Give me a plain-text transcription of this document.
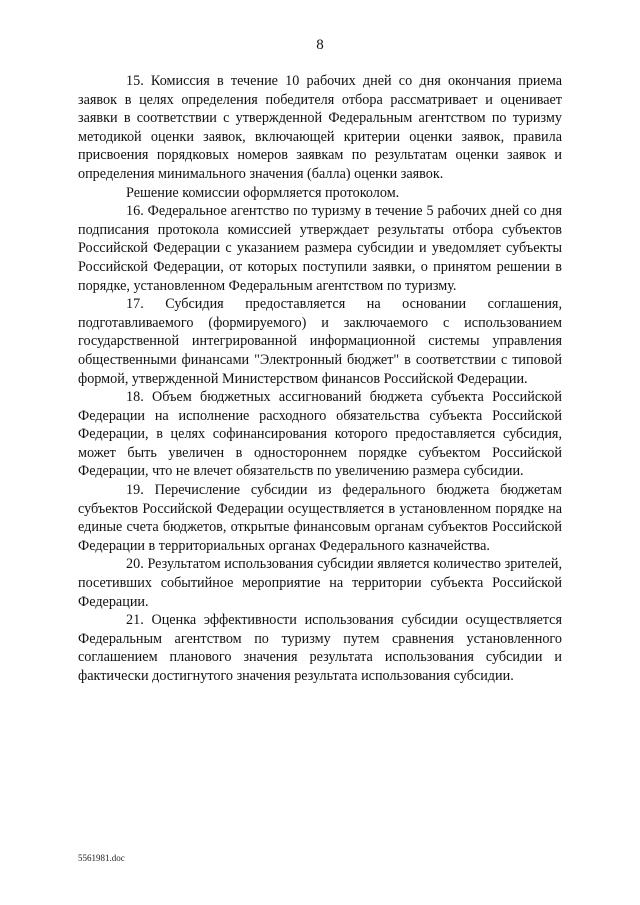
8

15. Комиссия в течение 10 рабочих дней со дня окончания приема заявок в целях определения победителя отбора рассматривает и оценивает заявки в соответствии с утвержденной Федеральным агентством по туризму методикой оценки заявок, включающей критерии оценки заявок, правила присвоения порядковых номеров заявкам по результатам оценки заявок и определения минимального значения (балла) оценки заявок.

Решение комиссии оформляется протоколом.

16. Федеральное агентство по туризму в течение 5 рабочих дней со дня подписания протокола комиссией утверждает результаты отбора субъектов Российской Федерации с указанием размера субсидии и уведомляет субъекты Российской Федерации, от которых поступили заявки, о принятом решении в порядке, установленном Федеральным агентством по туризму.

17. Субсидия предоставляется на основании соглашения, подготавливаемого (формируемого) и заключаемого с использованием государственной интегрированной информационной системы управления общественными финансами "Электронный бюджет" в соответствии с типовой формой, утвержденной Министерством финансов Российской Федерации.

18. Объем бюджетных ассигнований бюджета субъекта Российской Федерации на исполнение расходного обязательства субъекта Российской Федерации, в целях софинансирования которого предоставляется субсидия, может быть увеличен в одностороннем порядке субъектом Российской Федерации, что не влечет обязательств по увеличению размера субсидии.

19. Перечисление субсидии из федерального бюджета бюджетам субъектов Российской Федерации осуществляется в установленном порядке на единые счета бюджетов, открытые финансовым органам субъектов Российской Федерации в территориальных органах Федерального казначейства.

20. Результатом использования субсидии является количество зрителей, посетивших событийное мероприятие на территории субъекта Российской Федерации.

21. Оценка эффективности использования субсидии осуществляется Федеральным агентством по туризму путем сравнения установленного соглашением планового значения результата использования субсидии и фактически достигнутого значения результата использования субсидии.

5561981.doc
